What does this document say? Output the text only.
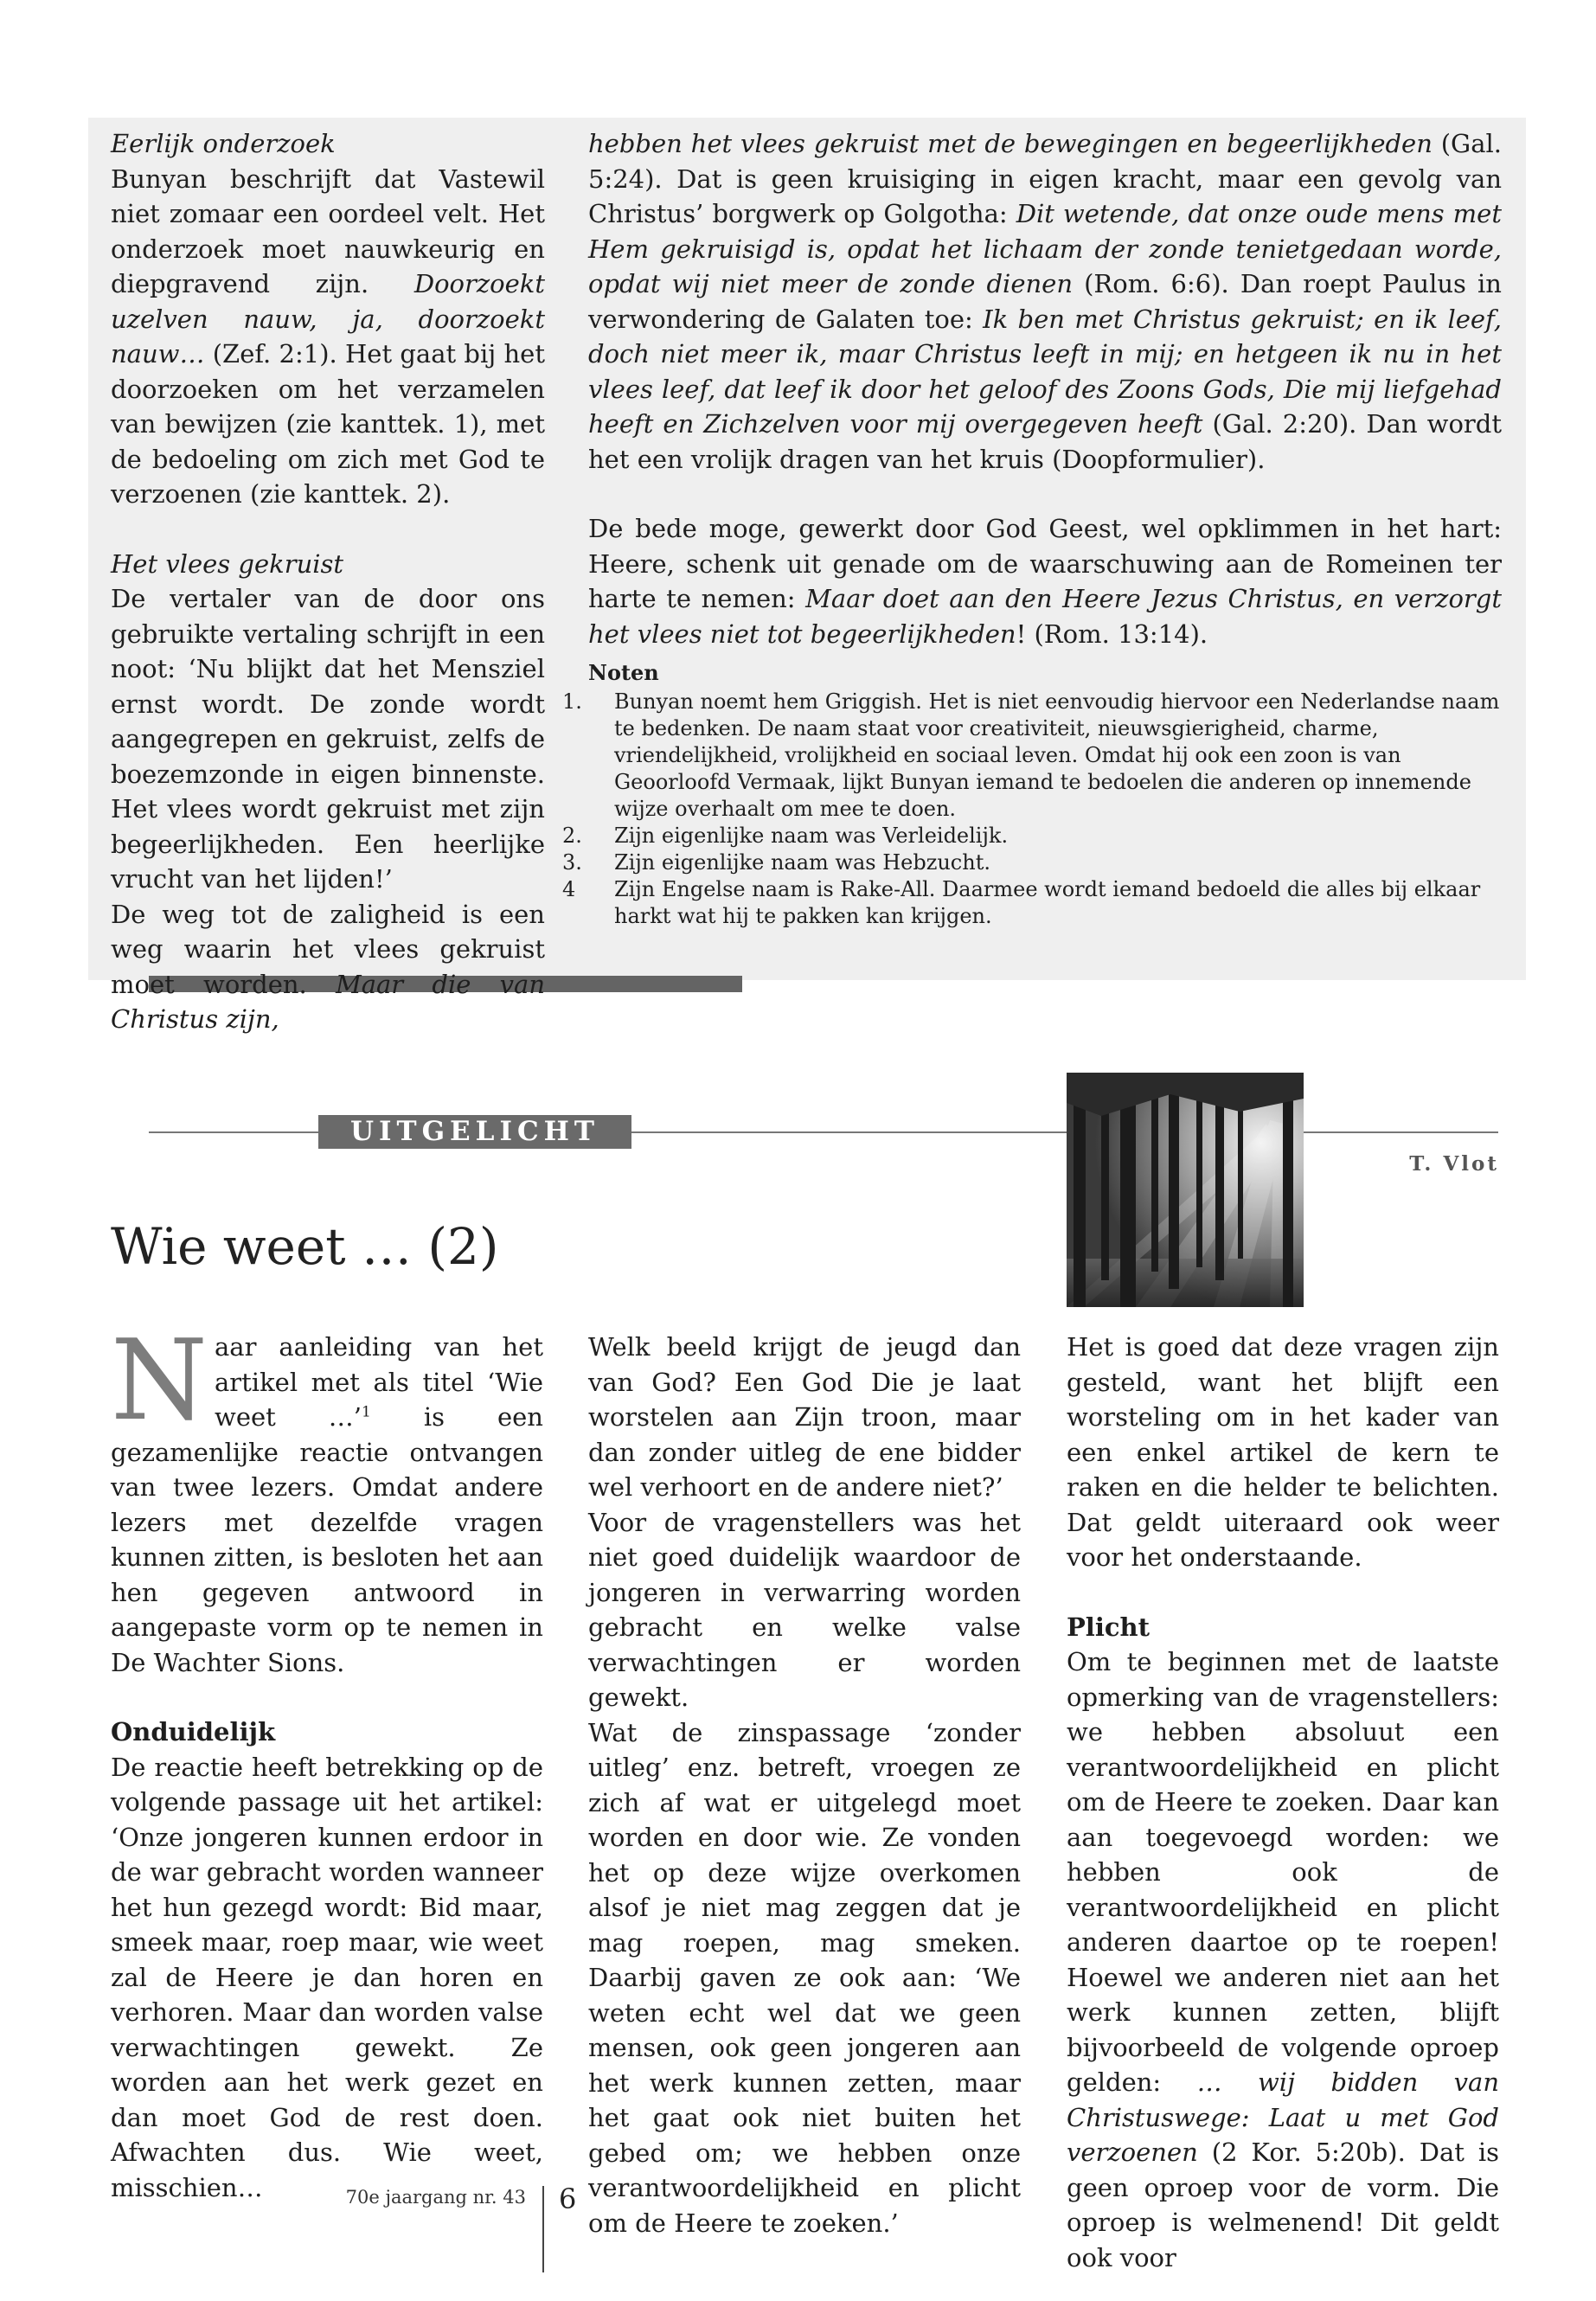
Eerlijk onderzoek

Bunyan beschrijft dat Vastewil niet zomaar een oordeel velt. Het onderzoek moet nauwkeurig en diepgravend zijn. Doorzoekt uzelven nauw, ja, doorzoekt nauw… (Zef. 2:1). Het gaat bij het doorzoeken om het verzamelen van bewijzen (zie kanttek. 1), met de bedoeling om zich met God te verzoenen (zie kanttek. 2).

Het vlees gekruist

De vertaler van de door ons gebruikte vertaling schrijft in een noot: ‘Nu blijkt dat het Mensziel ernst wordt. De zonde wordt aangegrepen en gekruist, zelfs de boezemzonde in eigen binnenste. Het vlees wordt gekruist met zijn begeerlijkheden. Een heerlijke vrucht van het lijden!’

De weg tot de zaligheid is een weg waarin het vlees gekruist moet worden. Maar die van Christus zijn,

hebben het vlees gekruist met de bewegingen en begeerlijkheden (Gal. 5:24). Dat is geen kruisiging in eigen kracht, maar een gevolg van Christus’ borgwerk op Golgotha: Dit wetende, dat onze oude mens met Hem gekruisigd is, opdat het lichaam der zonde tenietgedaan worde, opdat wij niet meer de zonde dienen (Rom. 6:6). Dan roept Paulus in verwondering de Galaten toe: Ik ben met Christus gekruist; en ik leef, doch niet meer ik, maar Christus leeft in mij; en hetgeen ik nu in het vlees leef, dat leef ik door het geloof des Zoons Gods, Die mij liefgehad heeft en Zichzelven voor mij overgegeven heeft (Gal. 2:20). Dan wordt het een vrolijk dragen van het kruis (Doopformulier).

De bede moge, gewerkt door God Geest, wel opklimmen in het hart: Heere, schenk uit genade om de waarschuwing aan de Romeinen ter harte te nemen: Maar doet aan den Heere Jezus Christus, en verzorgt het vlees niet tot begeerlijkheden! (Rom. 13:14).

Noten

1. Bunyan noemt hem Griggish. Het is niet eenvoudig hiervoor een Nederlandse naam te bedenken. De naam staat voor creativiteit, nieuwsgierigheid, charme, vriendelijkheid, vrolijkheid en sociaal leven. Omdat hij ook een zoon is van Geoorloofd Vermaak, lijkt Bunyan iemand te bedoelen die anderen op innemende wijze overhaalt om mee te doen.

2. Zijn eigenlijke naam was Verleidelijk.

3. Zijn eigenlijke naam was Hebzucht.

4 Zijn Engelse naam is Rake-All. Daarmee wordt iemand bedoeld die alles bij elkaar harkt wat hij te pakken kan krijgen.

UITGELICHT
T. Vlot
Wie weet … (2)

Naar aanleiding van het artikel met als titel ‘Wie weet …’$^1$ is een gezamenlijke reactie ontvangen van twee lezers. Omdat andere lezers met dezelfde vragen kunnen zitten, is besloten het aan hen gegeven antwoord in aangepaste vorm op te nemen in De Wachter Sions.

Onduidelijk

De reactie heeft betrekking op de volgende passage uit het artikel: ‘Onze jongeren kunnen erdoor in de war gebracht worden wanneer het hun gezegd wordt: Bid maar, smeek maar, roep maar, wie weet zal de Heere je dan horen en verhoren. Maar dan worden valse verwachtingen gewekt. Ze worden aan het werk gezet en dan moet God de rest doen. Afwachten dus. Wie weet, misschien…

Welk beeld krijgt de jeugd dan van God? Een God Die je laat worstelen aan Zijn troon, maar dan zonder uitleg de ene bidder wel verhoort en de andere niet?’

Voor de vragenstellers was het niet goed duidelijk waardoor de jongeren in verwarring worden gebracht en welke valse verwachtingen er worden gewekt.

Wat de zinspassage ‘zonder uitleg’ enz. betreft, vroegen ze zich af wat er uitgelegd moet worden en door wie. Ze vonden het op deze wijze overkomen alsof je niet mag zeggen dat je mag roepen, mag smeken. Daarbij gaven ze ook aan: ‘We weten echt wel dat we geen mensen, ook geen jongeren aan het werk kunnen zetten, maar het gaat ook niet buiten het gebed om; we hebben onze verantwoordelijkheid en plicht om de Heere te zoeken.’

Het is goed dat deze vragen zijn gesteld, want het blijft een worsteling om in het kader van een enkel artikel de kern te raken en die helder te belichten. Dat geldt uiteraard ook weer voor het onderstaande.

Plicht

Om te beginnen met de laatste opmerking van de vragenstellers: we hebben absoluut een verantwoordelijkheid en plicht om de Heere te zoeken. Daar kan aan toegevoegd worden: we hebben ook de verantwoordelijkheid en plicht anderen daartoe op te roepen! Hoewel we anderen niet aan het werk kunnen zetten, blijft bijvoorbeeld de volgende oproep gelden: … wij bidden van Christuswege: Laat u met God verzoenen (2 Kor. 5:20b). Dat is geen oproep voor de vorm. Die oproep is welmenend! Dit geldt ook voor

70e jaargang nr. 43 6
